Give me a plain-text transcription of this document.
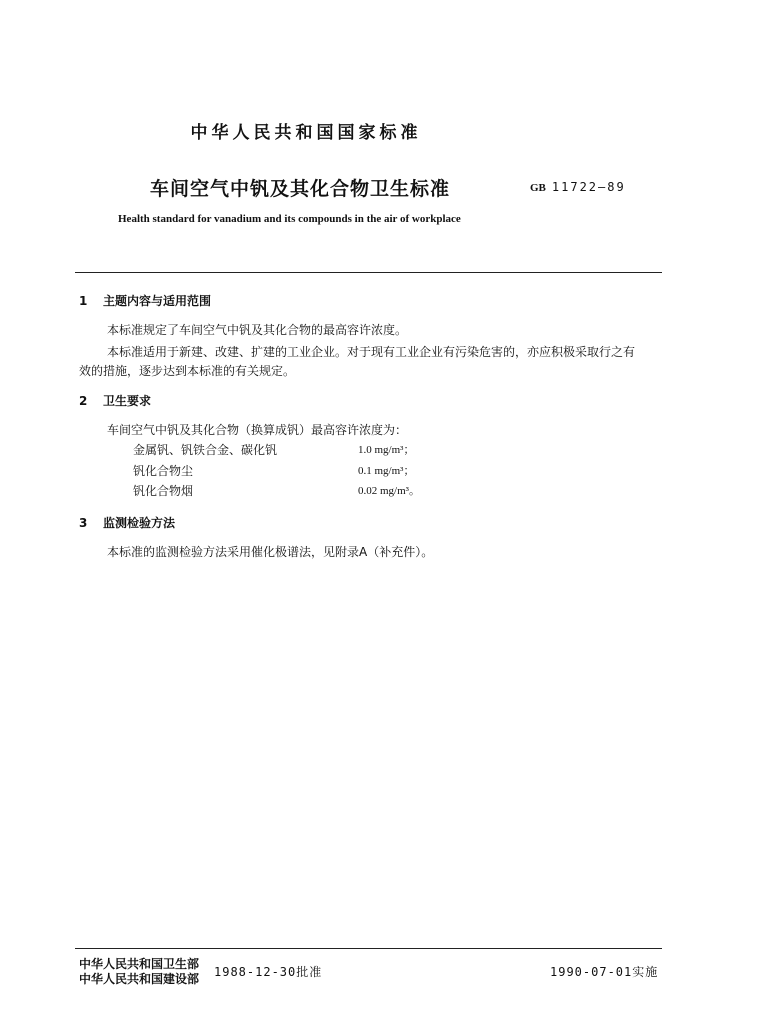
中华人民共和国国家标准
车间空气中钒及其化合物卫生标准	GB 11722—89
Health standard for vanadium and its compounds in the air of workplace
1 主题内容与适用范围
本标准规定了车间空气中钒及其化合物的最高容许浓度。
本标准适用于新建、改建、扩建的工业企业。对于现有工业企业有污染危害的，亦应积极采取行之有
效的措施，逐步达到本标准的有关规定。
2 卫生要求
车间空气中钒及其化合物（换算成钒）最高容许浓度为：
金属钒、钒铁合金、碳化钒	1.0 mg/m³；
钒化合物尘	0.1 mg/m³；
钒化合物烟	0.02 mg/m³。
3 监测检验方法
本标准的监测检验方法采用催化极谱法，见附录A（补充件）。
中华人民共和国卫生部
中华人民共和国建设部 1988-12-30批准	1990-07-01实施
